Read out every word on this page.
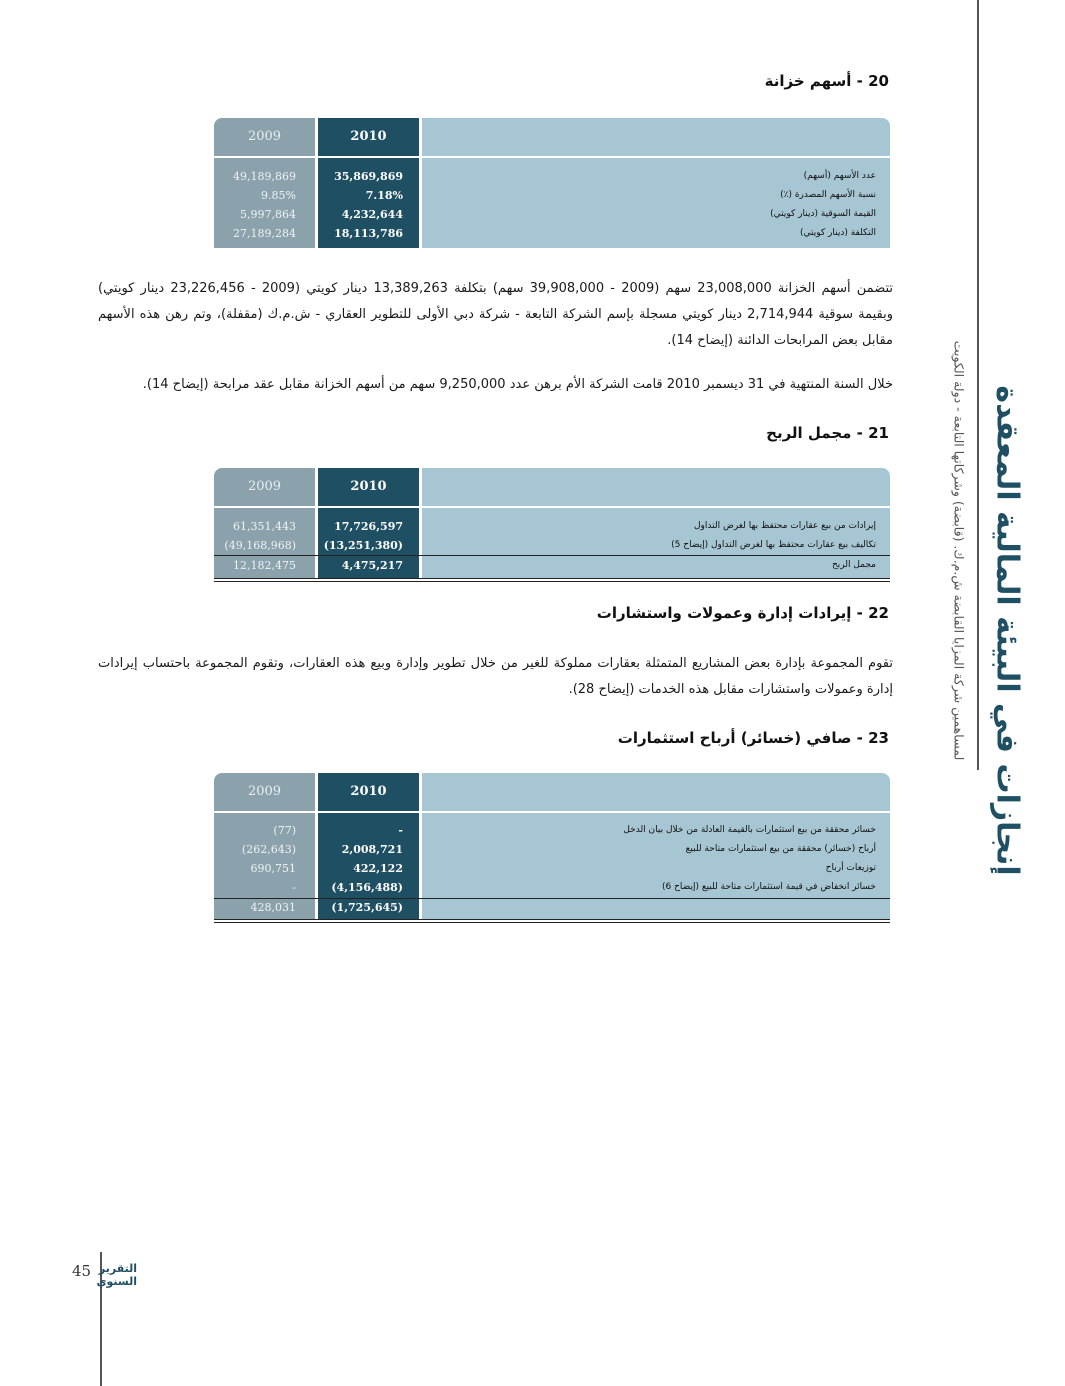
إنجازات في البيئة المالية المعقدة
لمساهمين شركة المزايا القابضة ش.م.ك. (قابضة) وشركاتها التابعة - دولة الكويت
20 - أسهم خزانة
2009	2010
49,189,869	35,869,869	عدد الأسهم (أسهم)
9.85%	7.18%	نسبة الأسهم المصدرة (٪)
5,997,864	4,232,644	القيمة السوقية (دينار كويتي)
27,189,284	18,113,786	التكلفة (دينار كويتي)
تتضمن أسهم الخزانة 23,008,000 سهم (2009 - 39,908,000 سهم) بتكلفة 13,389,263 دينار كويتي (2009 - 23,226,456 دينار كويتي) وبقيمة سوقية 2,714,944 دينار كويتي مسجلة بإسم الشركة التابعة - شركة دبي الأولى للتطوير العقاري - ش.م.ك (مقفلة)، وتم رهن هذه الأسهم مقابل بعض المرابحات الدائنة (إيضاح 14).
خلال السنة المنتهية في 31 ديسمبر 2010 قامت الشركة الأم برهن عدد 9,250,000 سهم من أسهم الخزانة مقابل عقد مرابحة (إيضاح 14).
21 - مجمل الربح
2009	2010
61,351,443	17,726,597	إيرادات من بيع عقارات محتفظ بها لغرض التداول
(49,168,968)	(13,251,380)	تكاليف بيع عقارات محتفظ بها لغرض التداول (إيضاح 5)
12,182,475	4,475,217	مجمل الربح
22 - إيرادات إدارة وعمولات واستشارات
تقوم المجموعة بإدارة بعض المشاريع المتمثلة بعقارات مملوكة للغير من خلال تطوير وإدارة وبيع هذه العقارات، وتقوم المجموعة باحتساب إيرادات إدارة وعمولات واستشارات مقابل هذه الخدمات (إيضاح 28).
23 - صافي (خسائر) أرباح استثمارات
2009	2010
(77)	-	خسائر محققة من بيع استثمارات بالقيمة العادلة من خلال بيان الدخل
(262,643)	2,008,721	أرباح (خسائر) محققة من بيع استثمارات متاحة للبيع
690,751	422,122	توزيعات أرباح
-	(4,156,488)	خسائر انخفاض في قيمة استثمارات متاحة للبيع (إيضاح 6)
428,031	(1,725,645)
45 التقرير
السنوي
